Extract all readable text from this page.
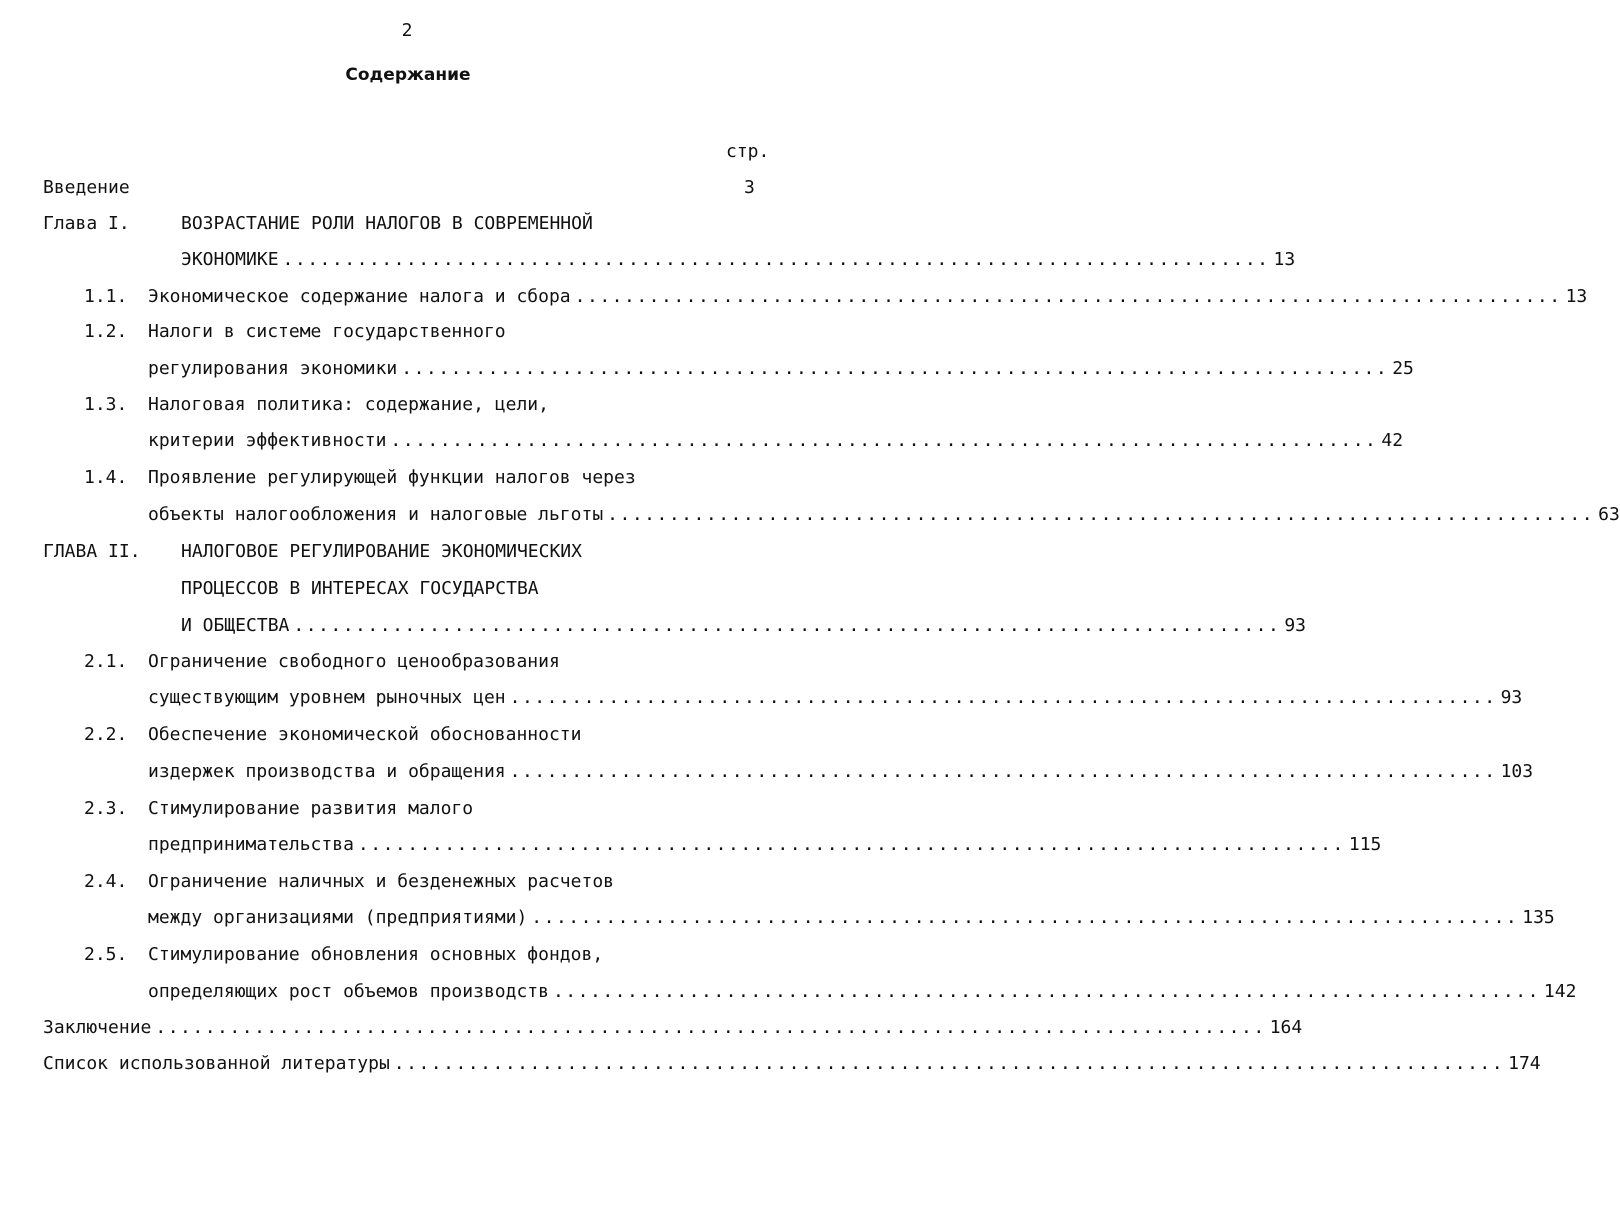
2
Содержание
стр.
Введение	3
Глава I.	ВОЗРАСТАНИЕ РОЛИ НАЛОГОВ В СОВРЕМЕННОЙ
ЭКОНОМИКЕ ................................................................................ 13
1.1. Экономическое содержание налога и сбора ................................................................................ 13
1.2. Налоги в системе государственного
регулирования экономики ................................................................................ 25
1.3. Налоговая политика: содержание, цели,
критерии эффективности ................................................................................ 42
1.4. Проявление регулирующей функции налогов через
объекты налогообложения и налоговые льготы ................................................................................ 63
ГЛАВА II. НАЛОГОВОЕ РЕГУЛИРОВАНИЕ ЭКОНОМИЧЕСКИХ
ПРОЦЕССОВ В ИНТЕРЕСАХ ГОСУДАРСТВА
И ОБЩЕСТВА ................................................................................ 93
2.1. Ограничение свободного ценообразования
существующим уровнем рыночных цен ................................................................................ 93
2.2. Обеспечение экономической обоснованности
издержек производства и обращения ................................................................................ 103
2.3. Стимулирование развития малого
предпринимательства ................................................................................ 115
2.4. Ограничение наличных и безденежных расчетов
между организациями (предприятиями) ................................................................................ 135
2.5. Стимулирование обновления основных фондов,
определяющих рост объемов производств ................................................................................ 142
Заключение .......................................................................................... 164
Список использованной литературы .......................................................................................... 174
